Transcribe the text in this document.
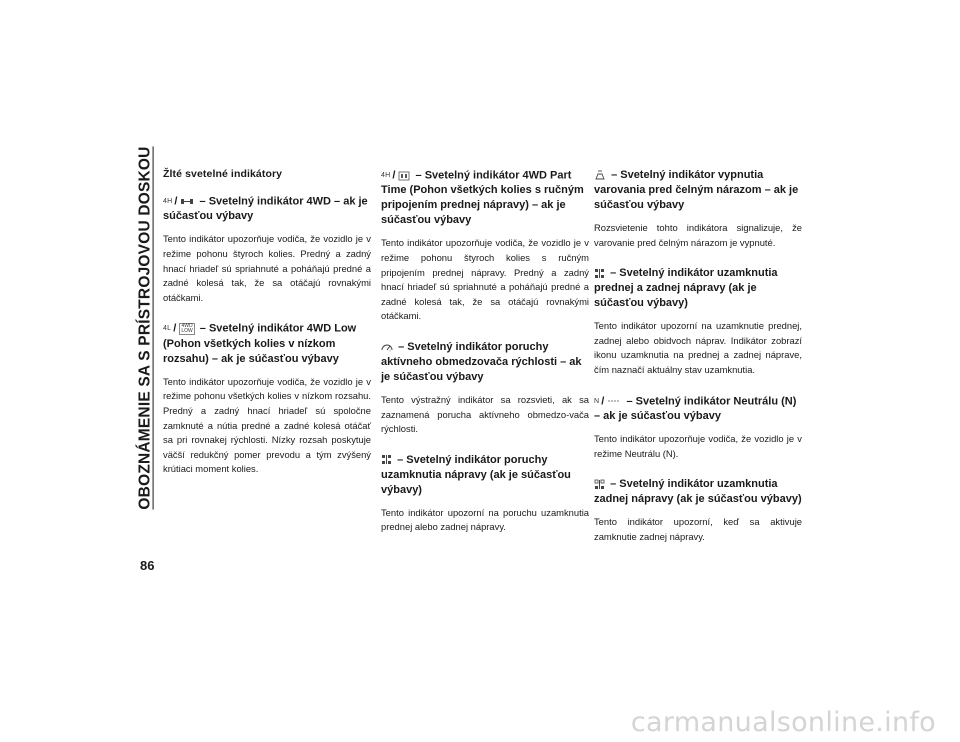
OBOZNÁMENIE SA S PRÍSTROJOVOU DOSKOU
86
Žlté svetelné indikátory
4H /
– Svetelný indikátor 4WD – ak je súčasťou výbavy

Tento indikátor upozorňuje vodiča, že vozidlo je v režime pohonu štyroch kolies. Predný a zadný hnací hriadeľ sú spriahnuté a poháňajú predné a zadné kolesá tak, že sa otáčajú rovnakými otáčkami.

4L / 4WD
LOW – Svetelný indikátor 4WD Low (Pohon všetkých kolies v nízkom rozsahu) – ak je súčasťou výbavy

Tento indikátor upozorňuje vodiča, že vozidlo je v režime pohonu všetkých kolies v nízkom rozsahu. Predný a zadný hnací hriadeľ sú spoločne zamknuté a nútia predné a zadné kolesá otáčať sa pri rovnakej rýchlosti. Nízky rozsah poskytuje väčší redukčný pomer prevodu a tým zvýšený krútiaci moment kolies.

4H /
– Svetelný indikátor 4WD Part Time (Pohon všetkých kolies s ručným pripojením prednej nápravy) – ak je súčasťou výbavy

Tento indikátor upozorňuje vodiča, že vozidlo je v režime pohonu štyroch kolies s ručným pripojením prednej nápravy. Predný a zadný hnací hriadeľ sú spriahnuté a poháňajú predné a zadné kolesá tak, že sa otáčajú rovnakými otáčkami.

! – Svetelný indikátor poruchy aktívneho obmedzovača rýchlosti – ak je súčasťou výbavy

Tento výstražný indikátor sa rozsvieti, ak sa zaznamená porucha aktívneho obmedzo-vača rýchlosti.

– Svetelný indikátor poruchy uzamknutia nápravy (ak je súčasťou výbavy)

Tento indikátor upozorní na poruchu uzamknutia prednej alebo zadnej nápravy.

– Svetelný indikátor vypnutia varovania pred čelným nárazom – ak je súčasťou výbavy

Rozsvietenie tohto indikátora signalizuje, že varovanie pred čelným nárazom je vypnuté.

– Svetelný indikátor uzamknutia prednej a zadnej nápravy (ak je súčasťou výbavy)

Tento indikátor upozorní na uzamknutie prednej, zadnej alebo obidvoch náprav. Indikátor zobrazí ikonu uzamknutia na prednej a zadnej náprave, čím naznačí aktuálny stav uzamknutia.

N /
– Svetelný indikátor Neutrálu (N) – ak je súčasťou výbavy

Tento indikátor upozorňuje vodiča, že vozidlo je v režime Neutrálu (N).

– Svetelný indikátor uzamknutia zadnej nápravy (ak je súčasťou výbavy)

Tento indikátor upozorní, keď sa aktivuje zamknutie zadnej nápravy.

carmanualsonline.info
